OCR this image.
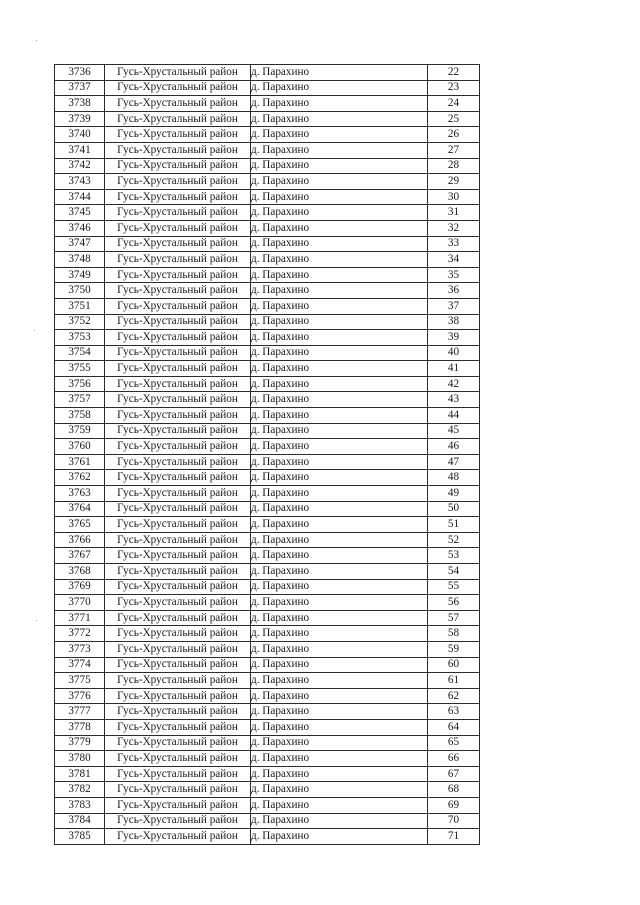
3736	Гусь-Хрустальный район	д. Парахино	22
3737	Гусь-Хрустальный район	д. Парахино	23
3738	Гусь-Хрустальный район	д. Парахино	24
3739	Гусь-Хрустальный район	д. Парахино	25
3740	Гусь-Хрустальный район	д. Парахино	26
3741	Гусь-Хрустальный район	д. Парахино	27
3742	Гусь-Хрустальный район	д. Парахино	28
3743	Гусь-Хрустальный район	д. Парахино	29
3744	Гусь-Хрустальный район	д. Парахино	30
3745	Гусь-Хрустальный район	д. Парахино	31
3746	Гусь-Хрустальный район	д. Парахино	32
3747	Гусь-Хрустальный район	д. Парахино	33
3748	Гусь-Хрустальный район	д. Парахино	34
3749	Гусь-Хрустальный район	д. Парахино	35
3750	Гусь-Хрустальный район	д. Парахино	36
3751	Гусь-Хрустальный район	д. Парахино	37
3752	Гусь-Хрустальный район	д. Парахино	38
3753	Гусь-Хрустальный район	д. Парахино	39
3754	Гусь-Хрустальный район	д. Парахино	40
3755	Гусь-Хрустальный район	д. Парахино	41
3756	Гусь-Хрустальный район	д. Парахино	42
3757	Гусь-Хрустальный район	д. Парахино	43
3758	Гусь-Хрустальный район	д. Парахино	44
3759	Гусь-Хрустальный район	д. Парахино	45
3760	Гусь-Хрустальный район	д. Парахино	46
3761	Гусь-Хрустальный район	д. Парахино	47
3762	Гусь-Хрустальный район	д. Парахино	48
3763	Гусь-Хрустальный район	д. Парахино	49
3764	Гусь-Хрустальный район	д. Парахино	50
3765	Гусь-Хрустальный район	д. Парахино	51
3766	Гусь-Хрустальный район	д. Парахино	52
3767	Гусь-Хрустальный район	д. Парахино	53
3768	Гусь-Хрустальный район	д. Парахино	54
3769	Гусь-Хрустальный район	д. Парахино	55
3770	Гусь-Хрустальный район	д. Парахино	56
3771	Гусь-Хрустальный район	д. Парахино	57
3772	Гусь-Хрустальный район	д. Парахино	58
3773	Гусь-Хрустальный район	д. Парахино	59
3774	Гусь-Хрустальный район	д. Парахино	60
3775	Гусь-Хрустальный район	д. Парахино	61
3776	Гусь-Хрустальный район	д. Парахино	62
3777	Гусь-Хрустальный район	д. Парахино	63
3778	Гусь-Хрустальный район	д. Парахино	64
3779	Гусь-Хрустальный район	д. Парахино	65
3780	Гусь-Хрустальный район	д. Парахино	66
3781	Гусь-Хрустальный район	д. Парахино	67
3782	Гусь-Хрустальный район	д. Парахино	68
3783	Гусь-Хрустальный район	д. Парахино	69
3784	Гусь-Хрустальный район	д. Парахино	70
3785	Гусь-Хрустальный район	д. Парахино	71
